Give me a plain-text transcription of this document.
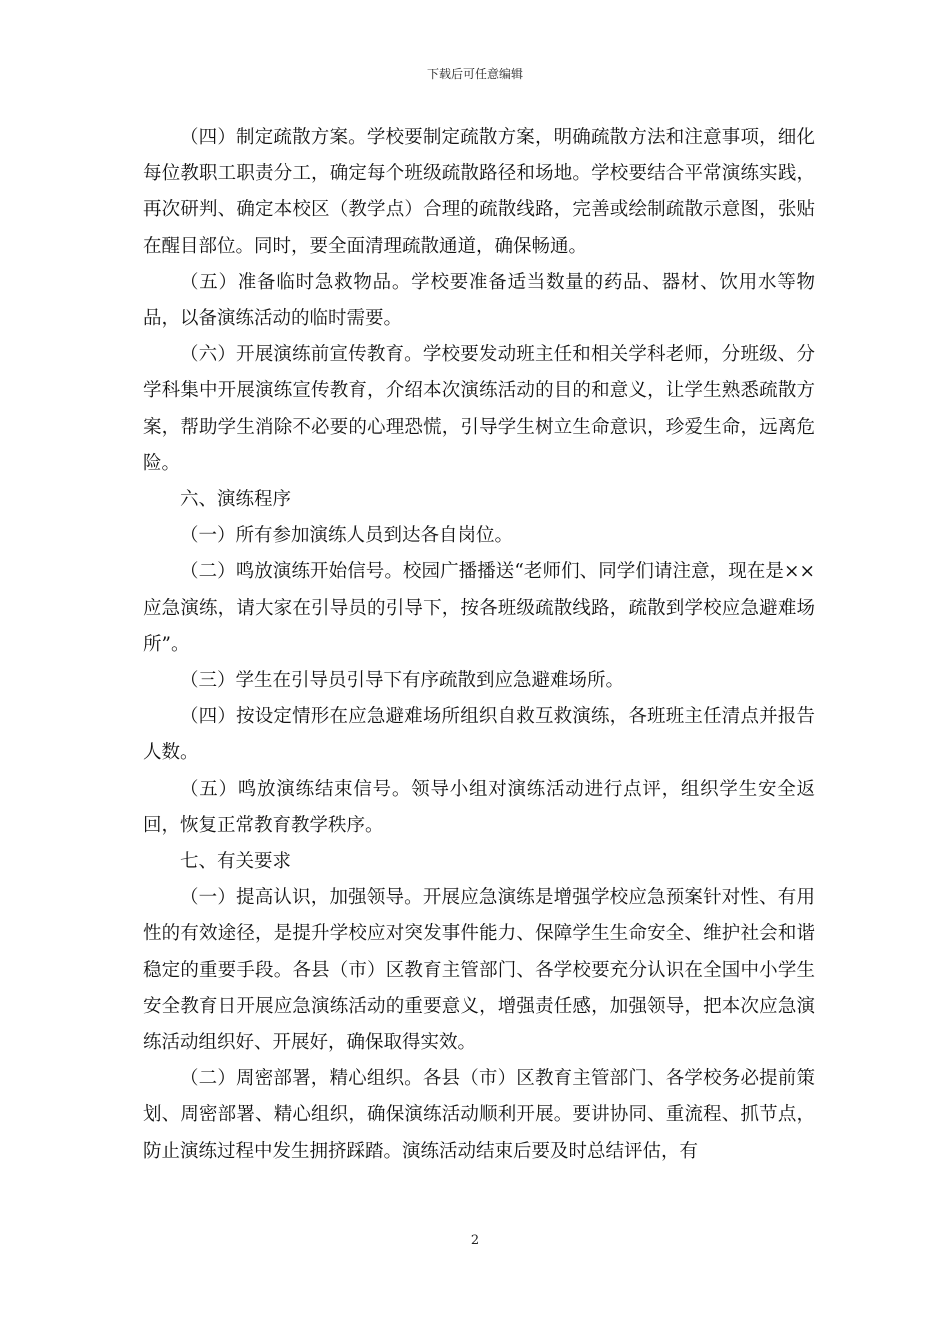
下载后可任意编辑

（四）制定疏散方案。学校要制定疏散方案，明确疏散方法和注意事项，细化每位教职工职责分工，确定每个班级疏散路径和场地。学校要结合平常演练实践，再次研判、确定本校区（教学点）合理的疏散线路，完善或绘制疏散示意图，张贴在醒目部位。同时，要全面清理疏散通道，确保畅通。

（五）准备临时急救物品。学校要准备适当数量的药品、器材、饮用水等物品，以备演练活动的临时需要。

（六）开展演练前宣传教育。学校要发动班主任和相关学科老师，分班级、分学科集中开展演练宣传教育，介绍本次演练活动的目的和意义，让学生熟悉疏散方案，帮助学生消除不必要的心理恐慌，引导学生树立生命意识，珍爱生命，远离危险。

六、演练程序

（一）所有参加演练人员到达各自岗位。

（二）鸣放演练开始信号。校园广播播送“老师们、同学们请注意，现在是××应急演练，请大家在引导员的引导下，按各班级疏散线路，疏散到学校应急避难场所”。

（三）学生在引导员引导下有序疏散到应急避难场所。

（四）按设定情形在应急避难场所组织自救互救演练，各班班主任清点并报告人数。

（五）鸣放演练结束信号。领导小组对演练活动进行点评，组织学生安全返回，恢复正常教育教学秩序。

七、有关要求

（一）提高认识，加强领导。开展应急演练是增强学校应急预案针对性、有用性的有效途径，是提升学校应对突发事件能力、保障学生生命安全、维护社会和谐稳定的重要手段。各县（市）区教育主管部门、各学校要充分认识在全国中小学生安全教育日开展应急演练活动的重要意义，增强责任感，加强领导，把本次应急演练活动组织好、开展好，确保取得实效。

（二）周密部署，精心组织。各县（市）区教育主管部门、各学校务必提前策划、周密部署、精心组织，确保演练活动顺利开展。要讲协同、重流程、抓节点，防止演练过程中发生拥挤踩踏。演练活动结束后要及时总结评估，有

2
